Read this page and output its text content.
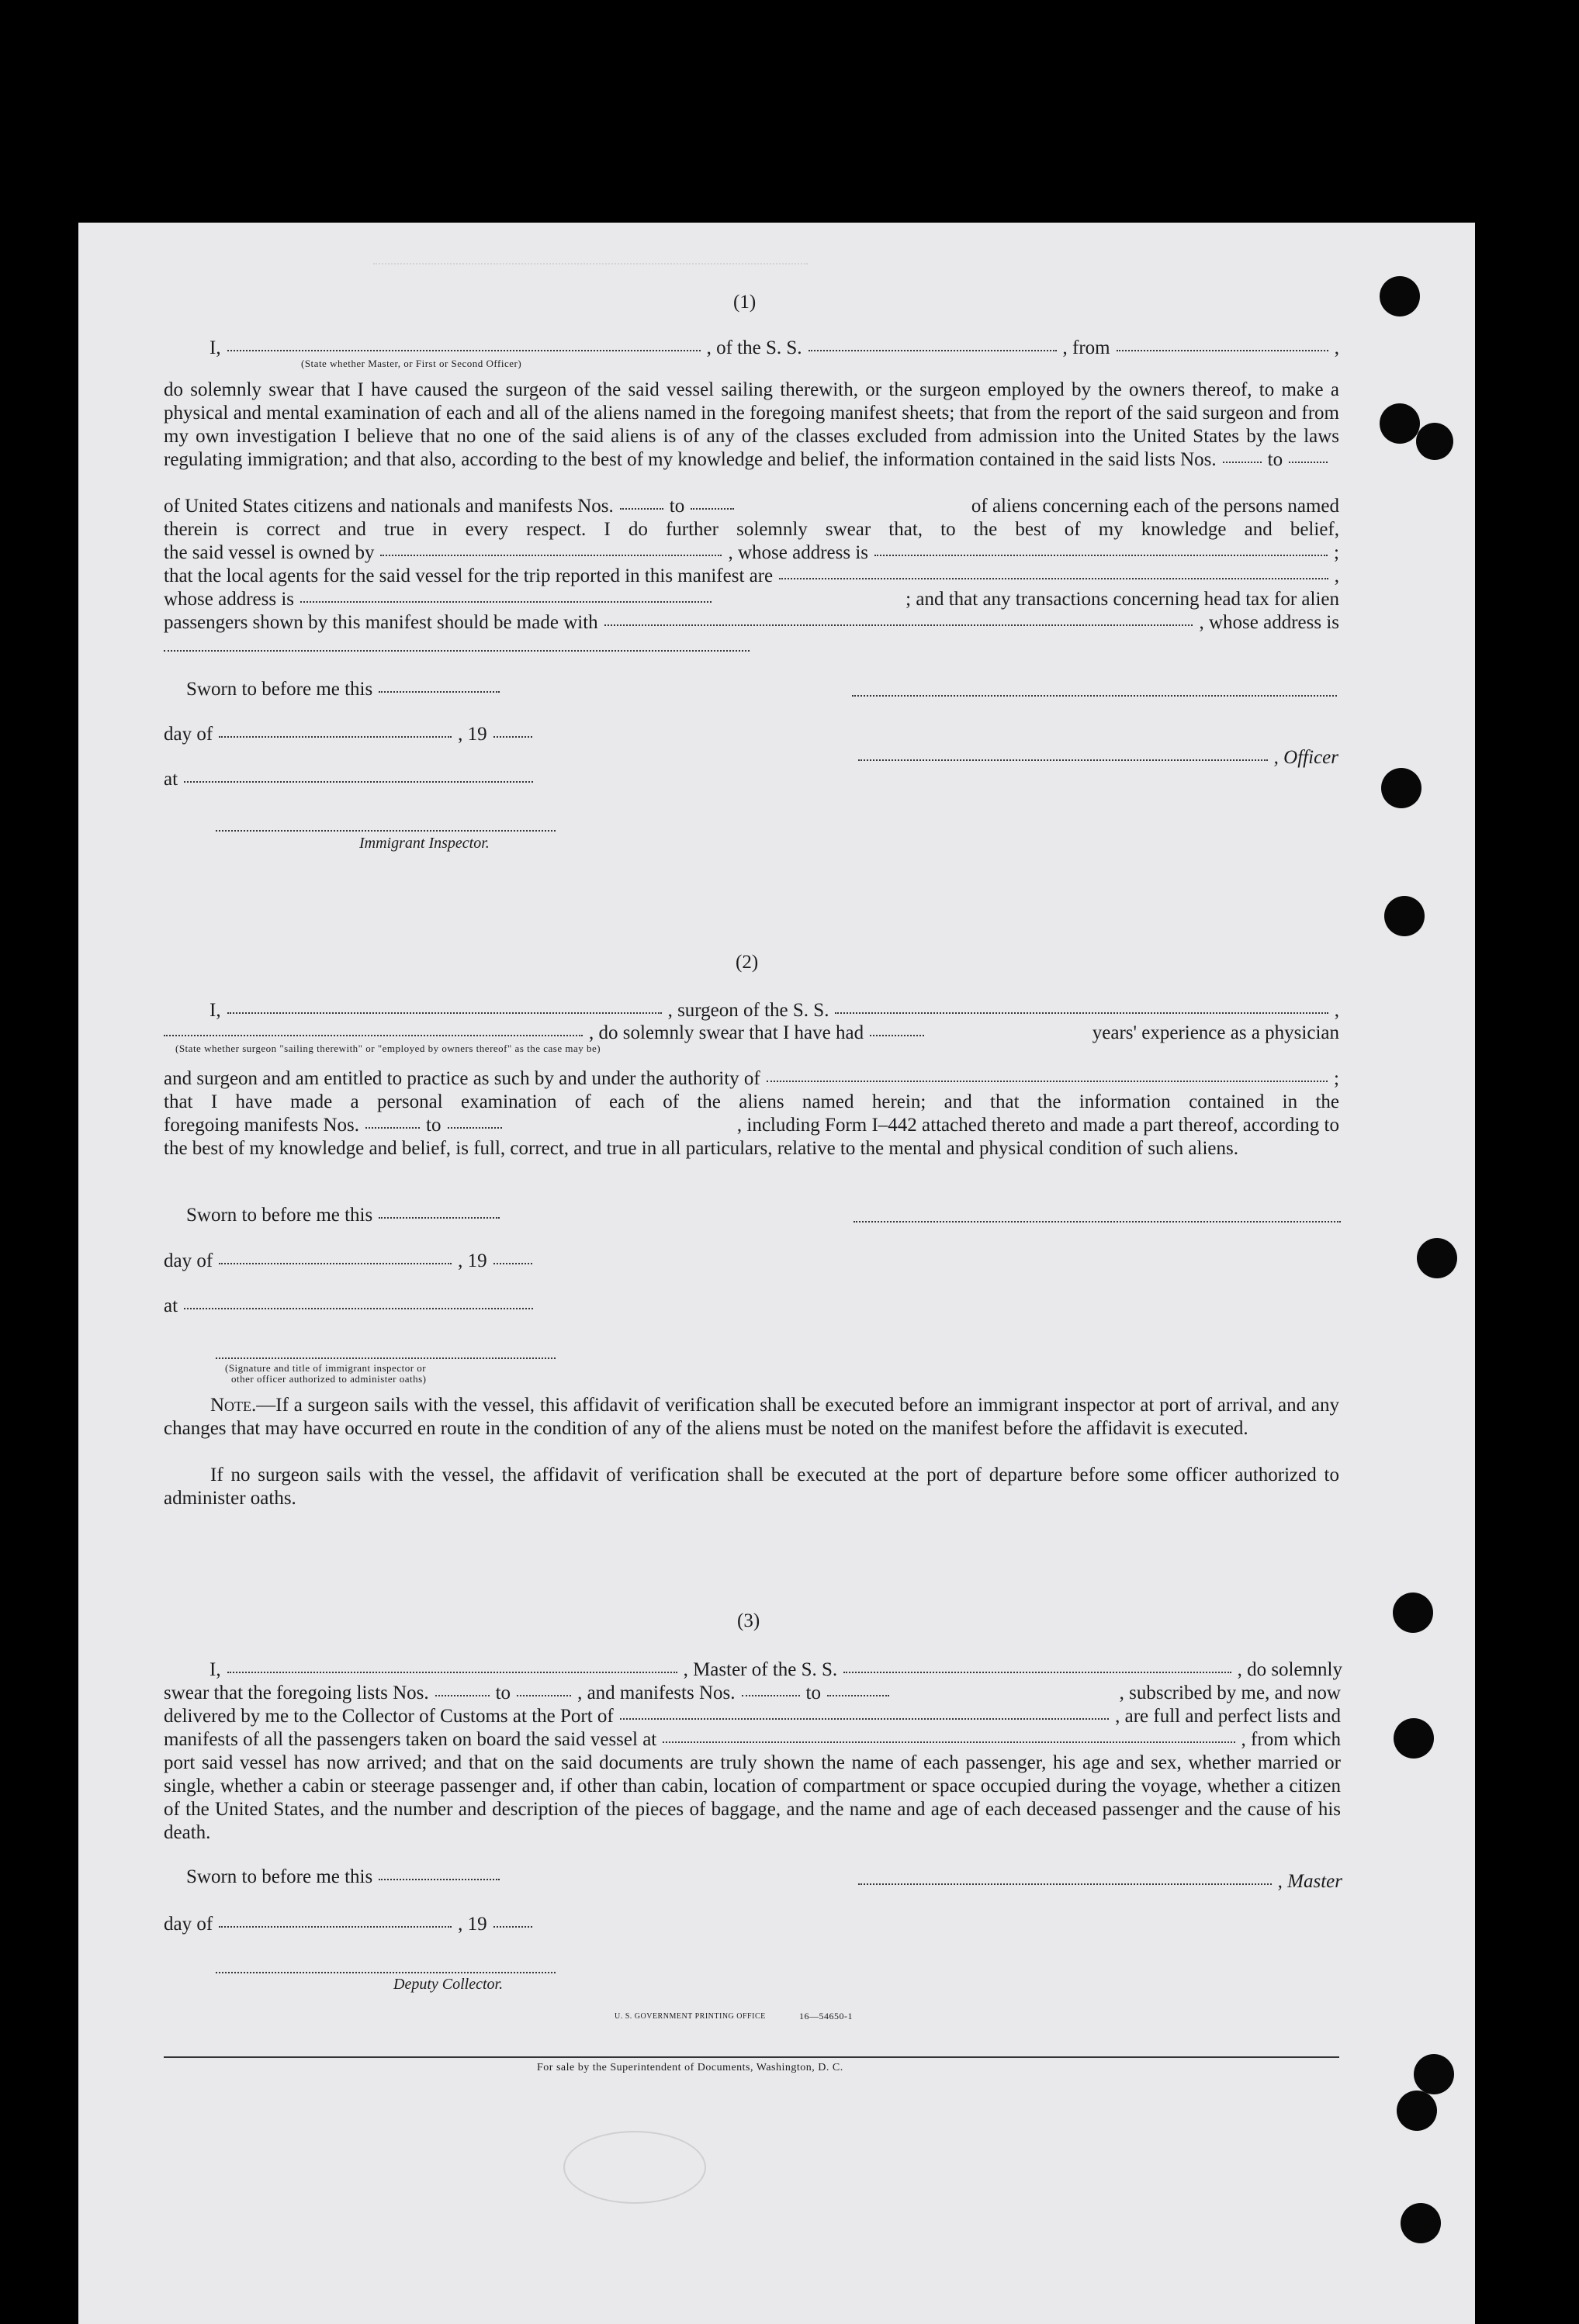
(1)
I,	, of the S. S.	, from	,
(State whether Master, or First or Second Officer)
do solemnly swear that I have caused the surgeon of the said vessel sailing therewith, or the surgeon employed by the owners thereof, to make a physical and mental examination of each and all of the aliens named in the foregoing manifest sheets; that from the report of the said surgeon and from my own investigation I believe that no one of the said aliens is of any of the classes excluded from admission into the United States by the laws regulating immigration; and that also, according to the best of my knowledge and belief, the information contained in the said lists Nos.	to
of United States citizens and nationals and manifests Nos.	to	of aliens concerning each of the persons named
therein is correct and true in every respect. I do further solemnly swear that, to the best of my knowledge and belief,
the said vessel is owned by	, whose address is	;
that the local agents for the said vessel for the trip reported in this manifest are	,
whose address is	; and that any transactions concerning head tax for alien
passengers shown by this manifest should be made with	, whose address is
Sworn to before me this
day of	, 19
, Officer
at
Immigrant Inspector.
(2)
I,	, surgeon of the S. S.	,
, do solemnly swear that I have had	years' experience as a physician
(State whether surgeon "sailing therewith" or "employed by owners thereof" as the case may be)
and surgeon and am entitled to practice as such by and under the authority of	;
that I have made a personal examination of each of the aliens named herein; and that the information contained in the
foregoing manifests Nos.	to	, including Form I–442 attached thereto and made a part thereof, according to
the best of my knowledge and belief, is full, correct, and true in all particulars, relative to the mental and physical condition of such aliens.
Sworn to before me this
day of	, 19
at
(Signature and title of immigrant inspector or
other officer authorized to administer oaths)
Note.—If a surgeon sails with the vessel, this affidavit of verification shall be executed before an immigrant inspector at port of arrival, and any changes that may have occurred en route in the condition of any of the aliens must be noted on the manifest before the affidavit is executed.
If no surgeon sails with the vessel, the affidavit of verification shall be executed at the port of departure before some officer authorized to administer oaths.
(3)
I,	, Master of the S. S.	, do solemnly
swear that the foregoing lists Nos.	to	, and manifests Nos.	to	, subscribed by me, and now
delivered by me to the Collector of Customs at the Port of	, are full and perfect lists and
manifests of all the passengers taken on board the said vessel at	, from which
port said vessel has now arrived; and that on the said documents are truly shown the name of each passenger, his age and sex, whether married or single, whether a cabin or steerage passenger and, if other than cabin, location of compartment or space occupied during the voyage, whether a citizen of the United States, and the number and description of the pieces of baggage, and the name and age of each deceased passenger and the cause of his death.
Sworn to before me this	, Master
day of	, 19
Deputy Collector.
U. S. GOVERNMENT PRINTING OFFICE	16—54650-1
For sale by the Superintendent of Documents, Washington, D. C.
